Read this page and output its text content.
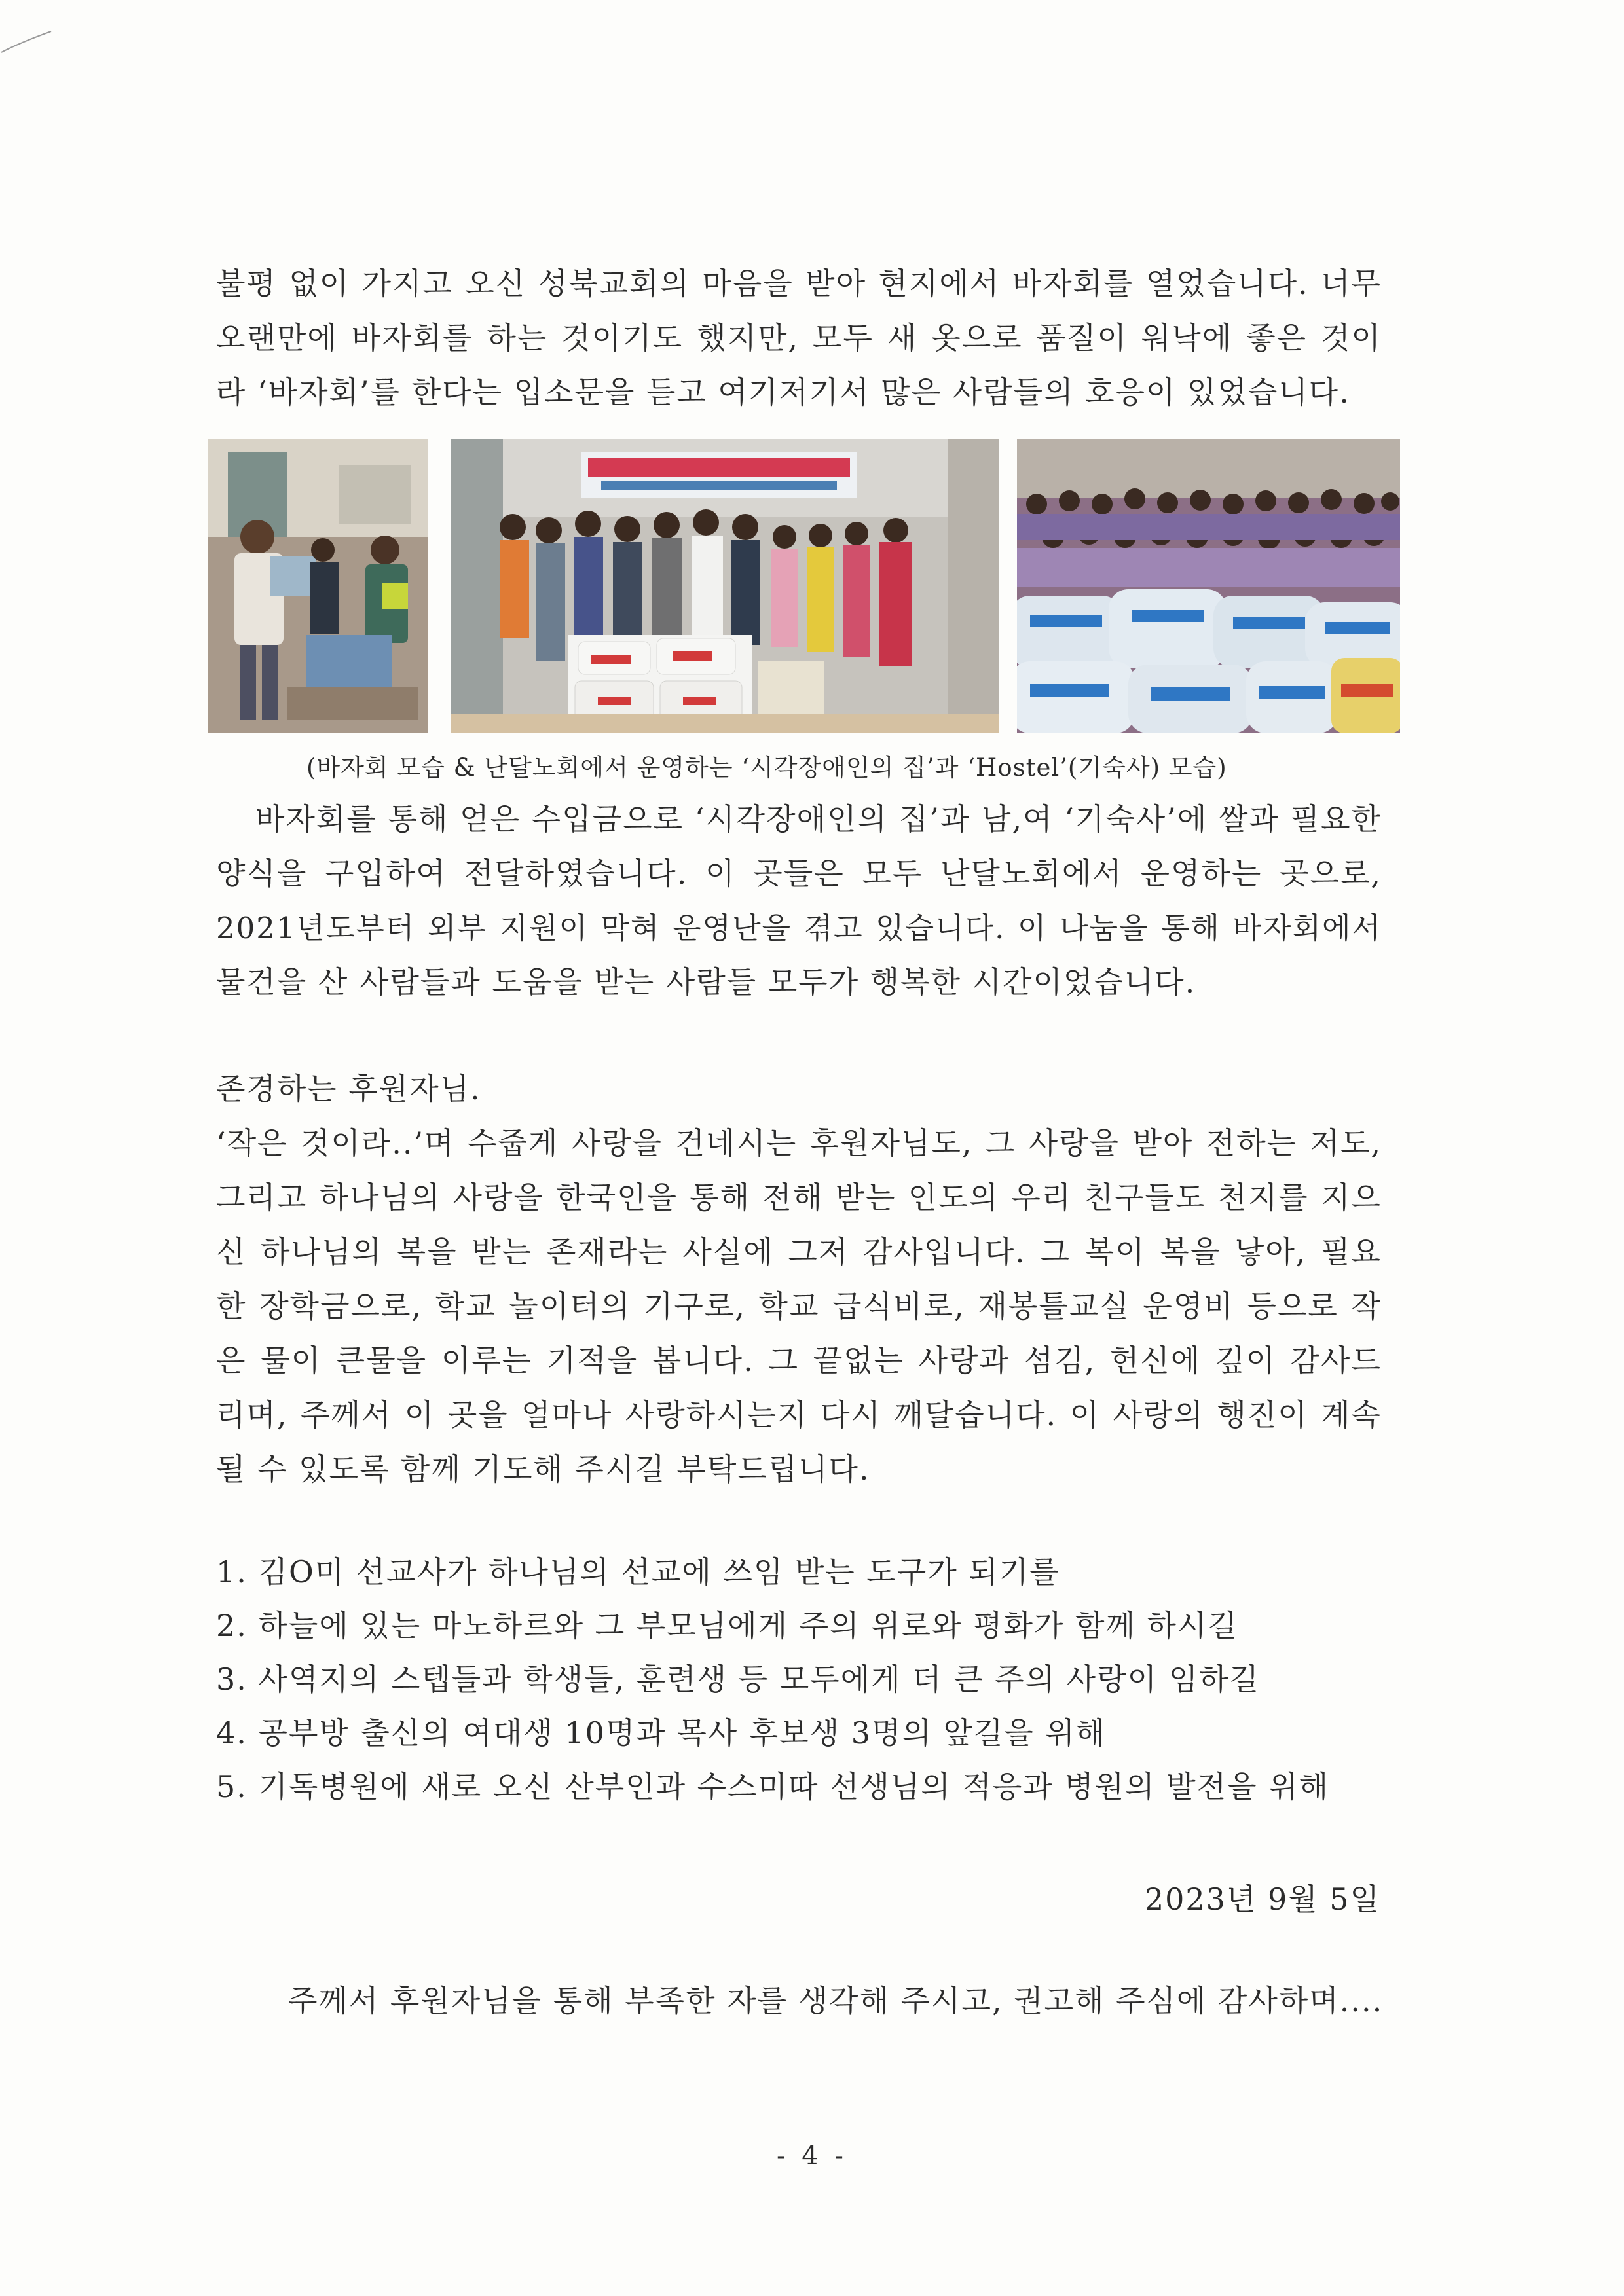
불평 없이 가지고 오신 성북교회의 마음을 받아 현지에서 바자회를 열었습니다. 너무
오랜만에 바자회를 하는 것이기도 했지만, 모두 새 옷으로 품질이 워낙에 좋은 것이
라 ‘바자회’를 한다는 입소문을 듣고 여기저기서 많은 사람들의 호응이 있었습니다.
(바자회 모습 & 난달노회에서 운영하는 ‘시각장애인의 집’과 ‘Hostel’(기숙사) 모습)
바자회를 통해 얻은 수입금으로 ‘시각장애인의 집’과 남,여 ‘기숙사’에 쌀과 필요한
양식을 구입하여 전달하였습니다. 이 곳들은 모두 난달노회에서 운영하는 곳으로,
2021년도부터 외부 지원이 막혀 운영난을 겪고 있습니다. 이 나눔을 통해 바자회에서
물건을 산 사람들과 도움을 받는 사람들 모두가 행복한 시간이었습니다.
존경하는 후원자님.
‘작은 것이라..’며 수줍게 사랑을 건네시는 후원자님도, 그 사랑을 받아 전하는 저도,
그리고 하나님의 사랑을 한국인을 통해 전해 받는 인도의 우리 친구들도 천지를 지으
신 하나님의 복을 받는 존재라는 사실에 그저 감사입니다. 그 복이 복을 낳아, 필요
한 장학금으로, 학교 놀이터의 기구로, 학교 급식비로, 재봉틀교실 운영비 등으로 작
은 물이 큰물을 이루는 기적을 봅니다. 그 끝없는 사랑과 섬김, 헌신에 깊이 감사드
리며, 주께서 이 곳을 얼마나 사랑하시는지 다시 깨달습니다. 이 사랑의 행진이 계속
될 수 있도록 함께 기도해 주시길 부탁드립니다.
1. 김O미 선교사가 하나님의 선교에 쓰임 받는 도구가 되기를
2. 하늘에 있는 마노하르와 그 부모님에게 주의 위로와 평화가 함께 하시길
3. 사역지의 스텝들과 학생들, 훈련생 등 모두에게 더 큰 주의 사랑이 임하길
4. 공부방 출신의 여대생 10명과 목사 후보생 3명의 앞길을 위해
5. 기독병원에 새로 오신 산부인과 수스미따 선생님의 적응과 병원의 발전을 위해
2023년 9월 5일
주께서 후원자님을 통해 부족한 자를 생각해 주시고, 권고해 주심에 감사하며....
- 4 -
